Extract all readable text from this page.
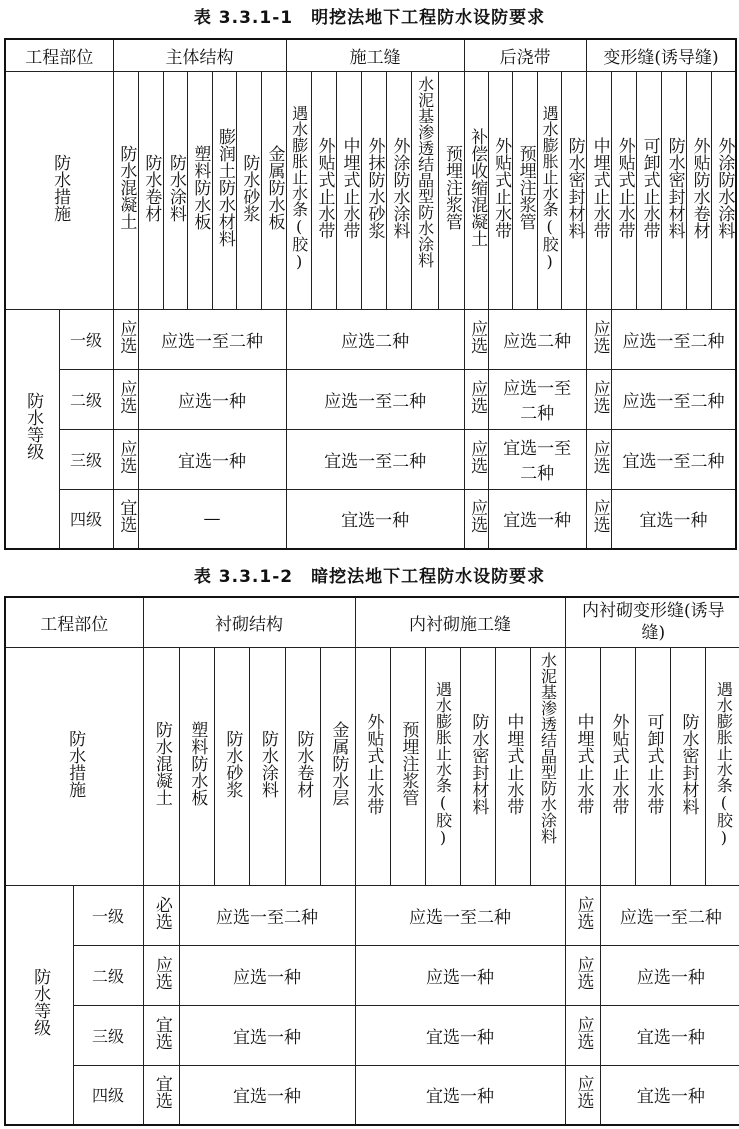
表 3.3.1-1　明挖法地下工程防水设防要求
工程部位		主体结构							施工缝							后浇带					变形缝(诱导缝)					
防水措施		防水混凝土	防水卷材	防水涂料	塑料防水板	膨润土防水材料	防水砂浆	金属防水板	遇水膨胀止水条(胶)	外贴式止水带	中埋式止水带	外抹防水砂浆	外涂防水涂料	水泥基渗透结晶型防水涂料	预埋注浆管	补偿收缩混凝土	外贴式止水带	预埋注浆管	遇水膨胀止水条(胶)	防水密封材料	中埋式止水带	外贴式止水带	可卸式止水带	防水密封材料	外贴防水卷材	外涂防水涂料
防水等级	一级	应选	应选一至二种						应选二种							应选	应选二种				应选	应选一至二种				
	二级	应选	应选一种						应选一至二种							应选	应选一至二种				应选	应选一至二种				
	三级	应选	宜选一种						宜选一至二种							应选	宜选一至二种				应选	宜选一至二种				
	四级	宜选	—						宜选一种							应选	宜选一种				应选	宜选一种				
表 3.3.1-2　暗挖法地下工程防水设防要求
工程部位		衬砌结构						内衬砌施工缝						内衬砌变形缝(诱导缝)				
防水措施		防水混凝土	塑料防水板	防水砂浆	防水涂料	防水卷材	金属防水层	外贴式止水带	预埋注浆管	遇水膨胀止水条(胶)	防水密封材料	中埋式止水带	水泥基渗透结晶型防水涂料	中埋式止水带	外贴式止水带	可卸式止水带	防水密封材料	遇水膨胀止水条(胶)
防水等级	一级	必选	应选一至二种					应选一至二种						应选	应选一至二种			
	二级	应选	应选一种					应选一种						应选	应选一种			
	三级	宜选	宜选一种					宜选一种						应选	宜选一种			
	四级	宜选	宜选一种					宜选一种						应选	宜选一种			
